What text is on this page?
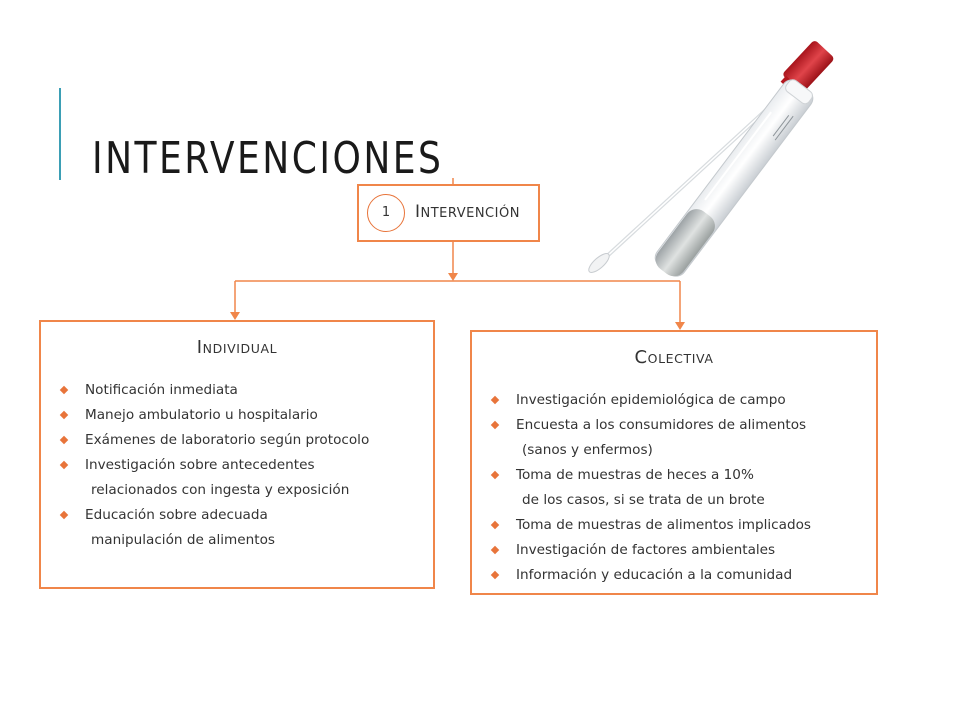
INTERVENCIONES
1	INTERVENCIÓN
INDIVIDUAL
Notificación inmediata
Manejo ambulatorio u hospitalario
Exámenes de laboratorio según protocolo
Investigación sobre antecedentes
relacionados con ingesta y exposición
Educación sobre adecuada
manipulación de alimentos
COLECTIVA
Investigación epidemiológica de campo
Encuesta a los consumidores de alimentos
(sanos y enfermos)
Toma de muestras de heces a 10%
de los casos, si se trata de un brote
Toma de muestras de alimentos implicados
Investigación de factores ambientales
Información y educación a la comunidad
